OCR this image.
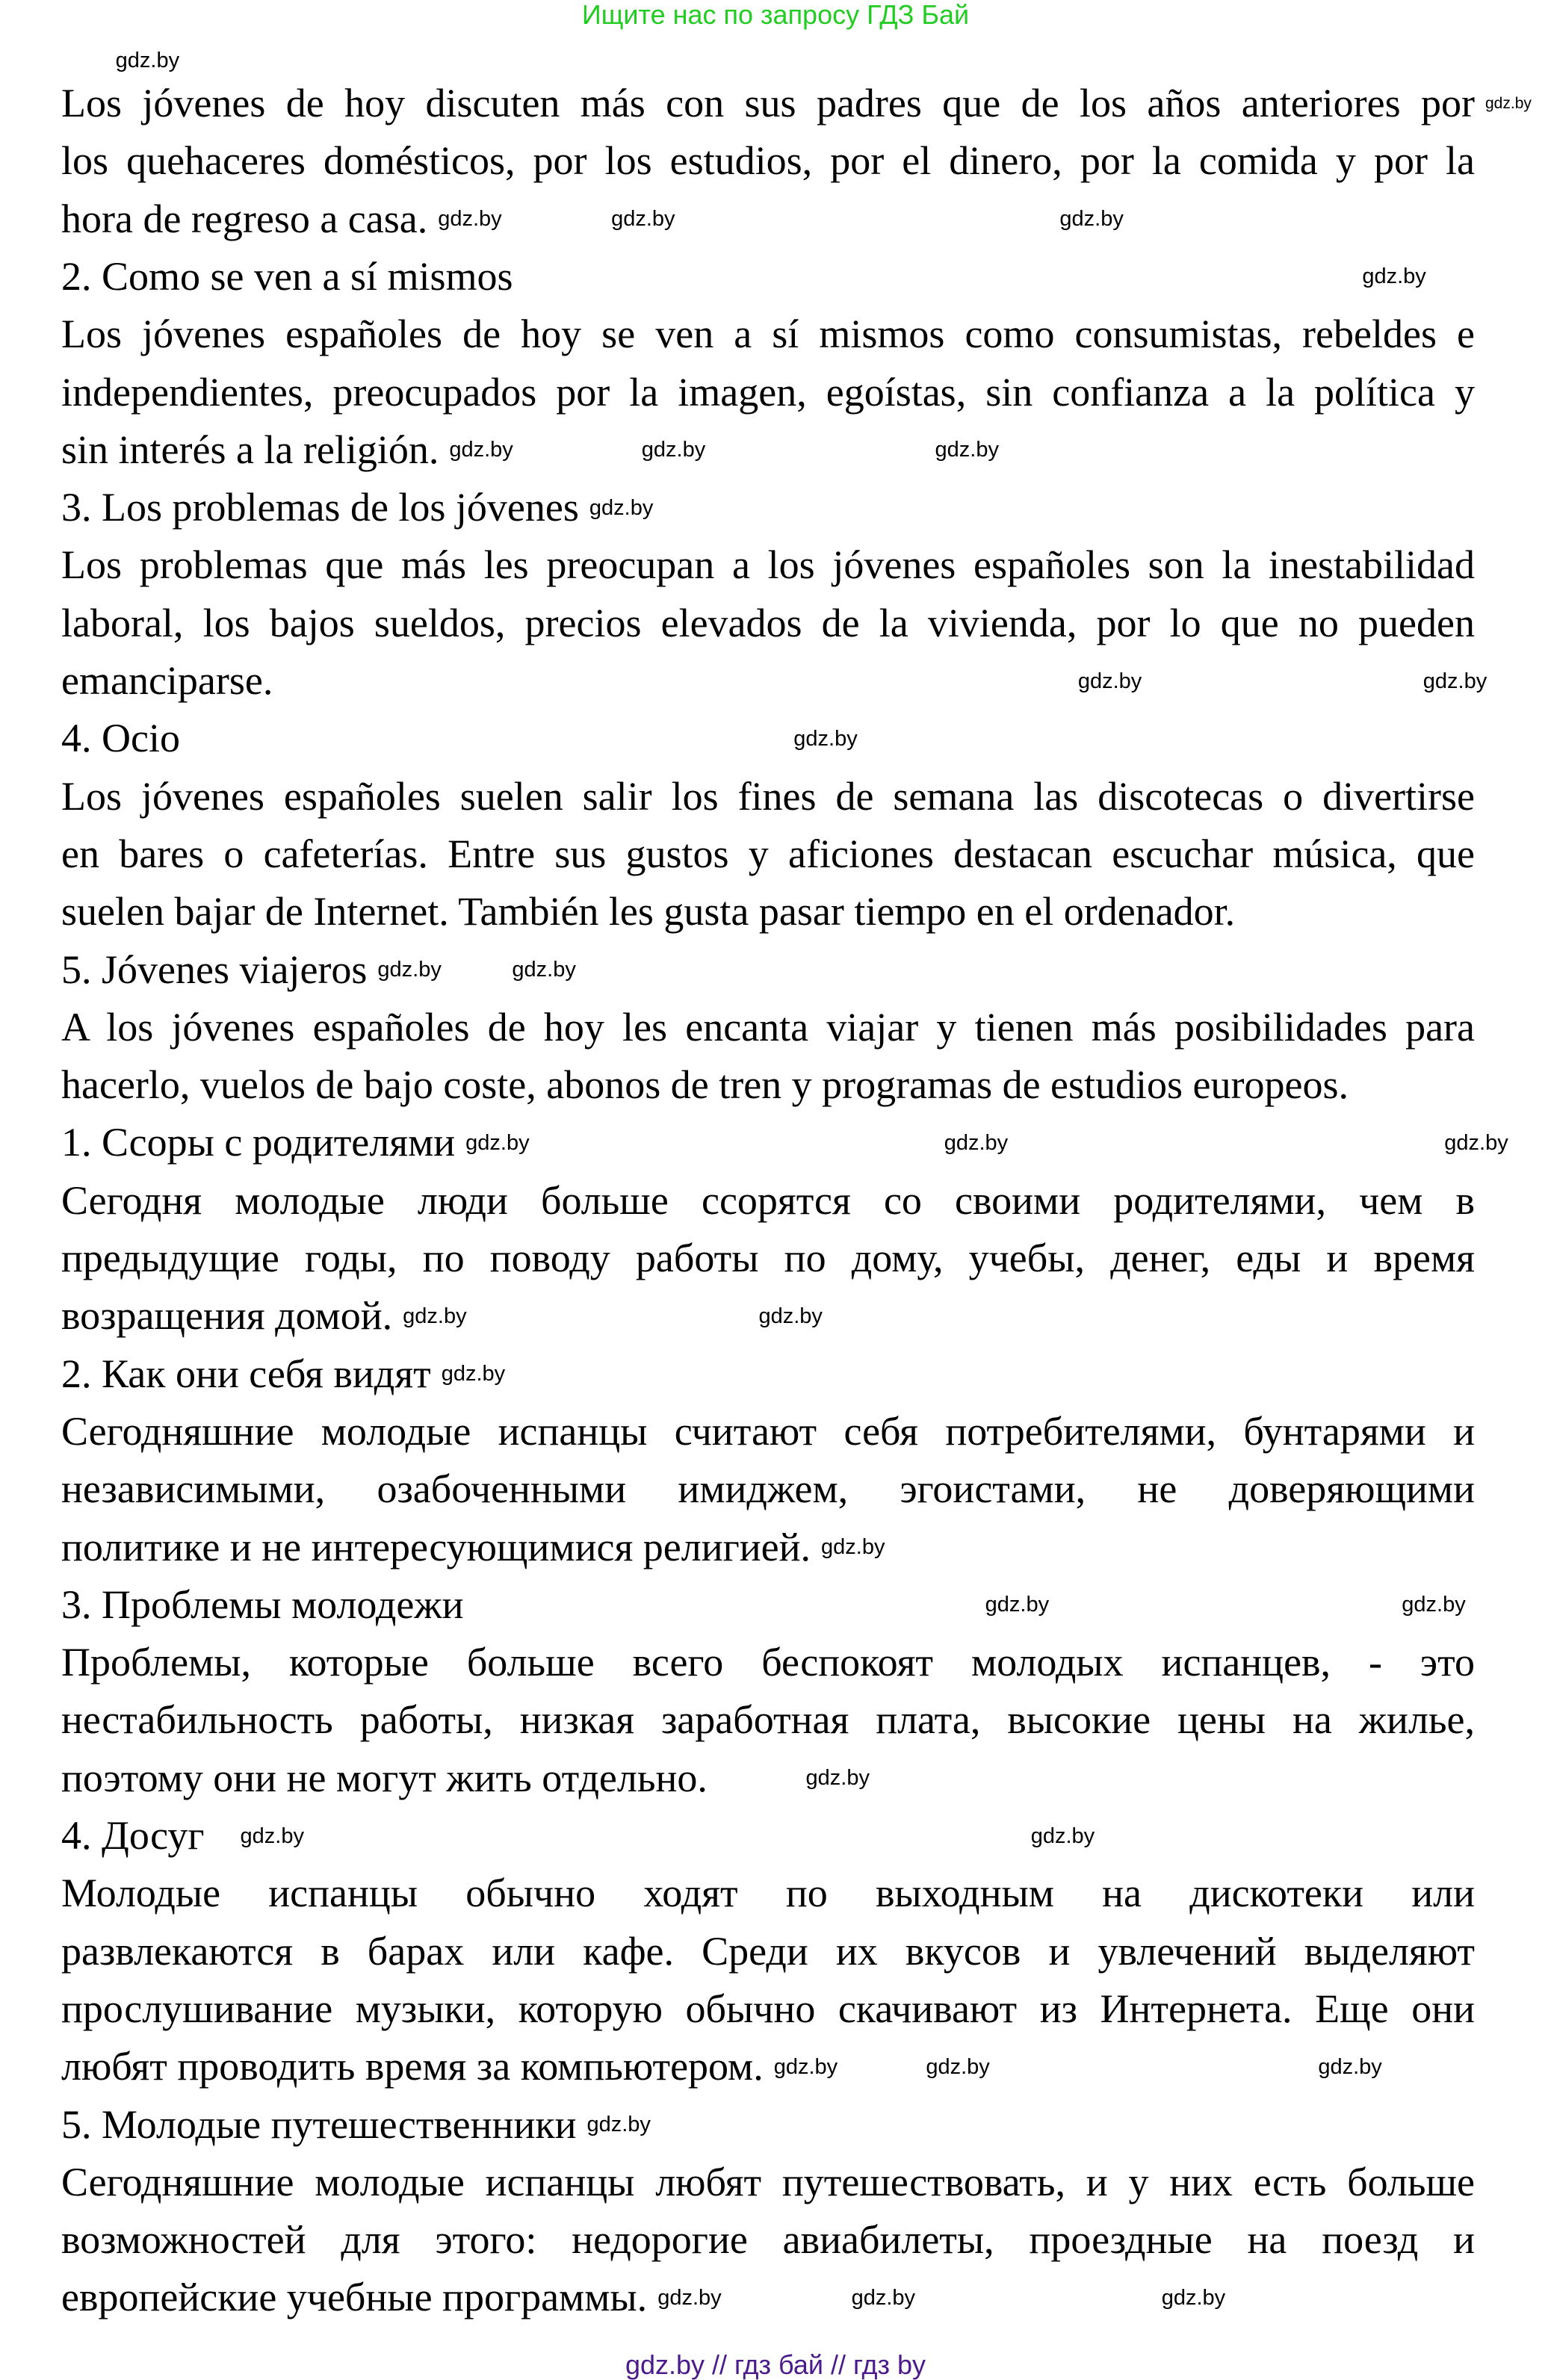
Ищите нас по запросу ГДЗ Бай
Los jóvenes de hoy discuten más con sus padres que de los años anteriores por
los quehaceres domésticos, por los estudios, por el dinero, por la comida y por la
hora de regreso a casa.
2. Como se ven a sí mismos
Los jóvenes españoles de hoy se ven a sí mismos como consumistas, rebeldes e
independientes, preocupados por la imagen, egoístas, sin confianza a la política y
sin interés a la religión.
3. Los problemas de los jóvenes
Los problemas que más les preocupan a los jóvenes españoles son la inestabilidad
laboral, los bajos sueldos, precios elevados de la vivienda, por lo que no pueden
emanciparse.
4. Ocio
Los jóvenes españoles suelen salir los fines de semana las discotecas o divertirse
en bares o cafeterías. Entre sus gustos y aficiones destacan escuchar música, que
suelen bajar de Internet. También les gusta pasar tiempo en el ordenador.
5. Jóvenes viajeros
A los jóvenes españoles de hoy les encanta viajar y tienen más posibilidades para
hacerlo, vuelos de bajo coste, abonos de tren y programas de estudios europeos.
1. Ссоры с родителями
Сегодня молодые люди больше ссорятся со своими родителями, чем в
предыдущие годы, по поводу работы по дому, учебы, денег, еды и время
возращения домой.
2. Как они себя видят
Сегодняшние молодые испанцы считают себя потребителями, бунтарями и
независимыми, озабоченными имиджем, эгоистами, не доверяющими
политике и не интересующимися религией.
3. Проблемы молодежи
Проблемы, которые больше всего беспокоят молодых испанцев, - это
нестабильность работы, низкая заработная плата, высокие цены на жилье,
поэтому они не могут жить отдельно.
4. Досуг
Молодые испанцы обычно ходят по выходным на дискотеки или
развлекаются в барах или кафе. Среди их вкусов и увлечений выделяют
прослушивание музыки, которую обычно скачивают из Интернета. Еще они
любят проводить время за компьютером.
5. Молодые путешественники
Сегодняшние молодые испанцы любят путешествовать, и у них есть больше
возможностей для этого: недорогие авиабилеты, проездные на поезд и
европейские учебные программы.
gdz.by
gdz.by
gdz.by
gdz.by	gdz.by
gdz.by
gdz.by	gdz.by
gdz.by
gdz.by
gdz.by
gdz.by
gdz.by
gdz.by	gdz.by
gdz.by	gdz.by	gdz.by
gdz.by	gdz.by
gdz.by
gdz.by
gdz.by
gdz.by
gdz.by
gdz.by
gdz.by
gdz.by	gdz.by	gdz.by
gdz.by
gdz.by
gdz.by
gdz.by
gdz.by // гдз бай // гдз by
